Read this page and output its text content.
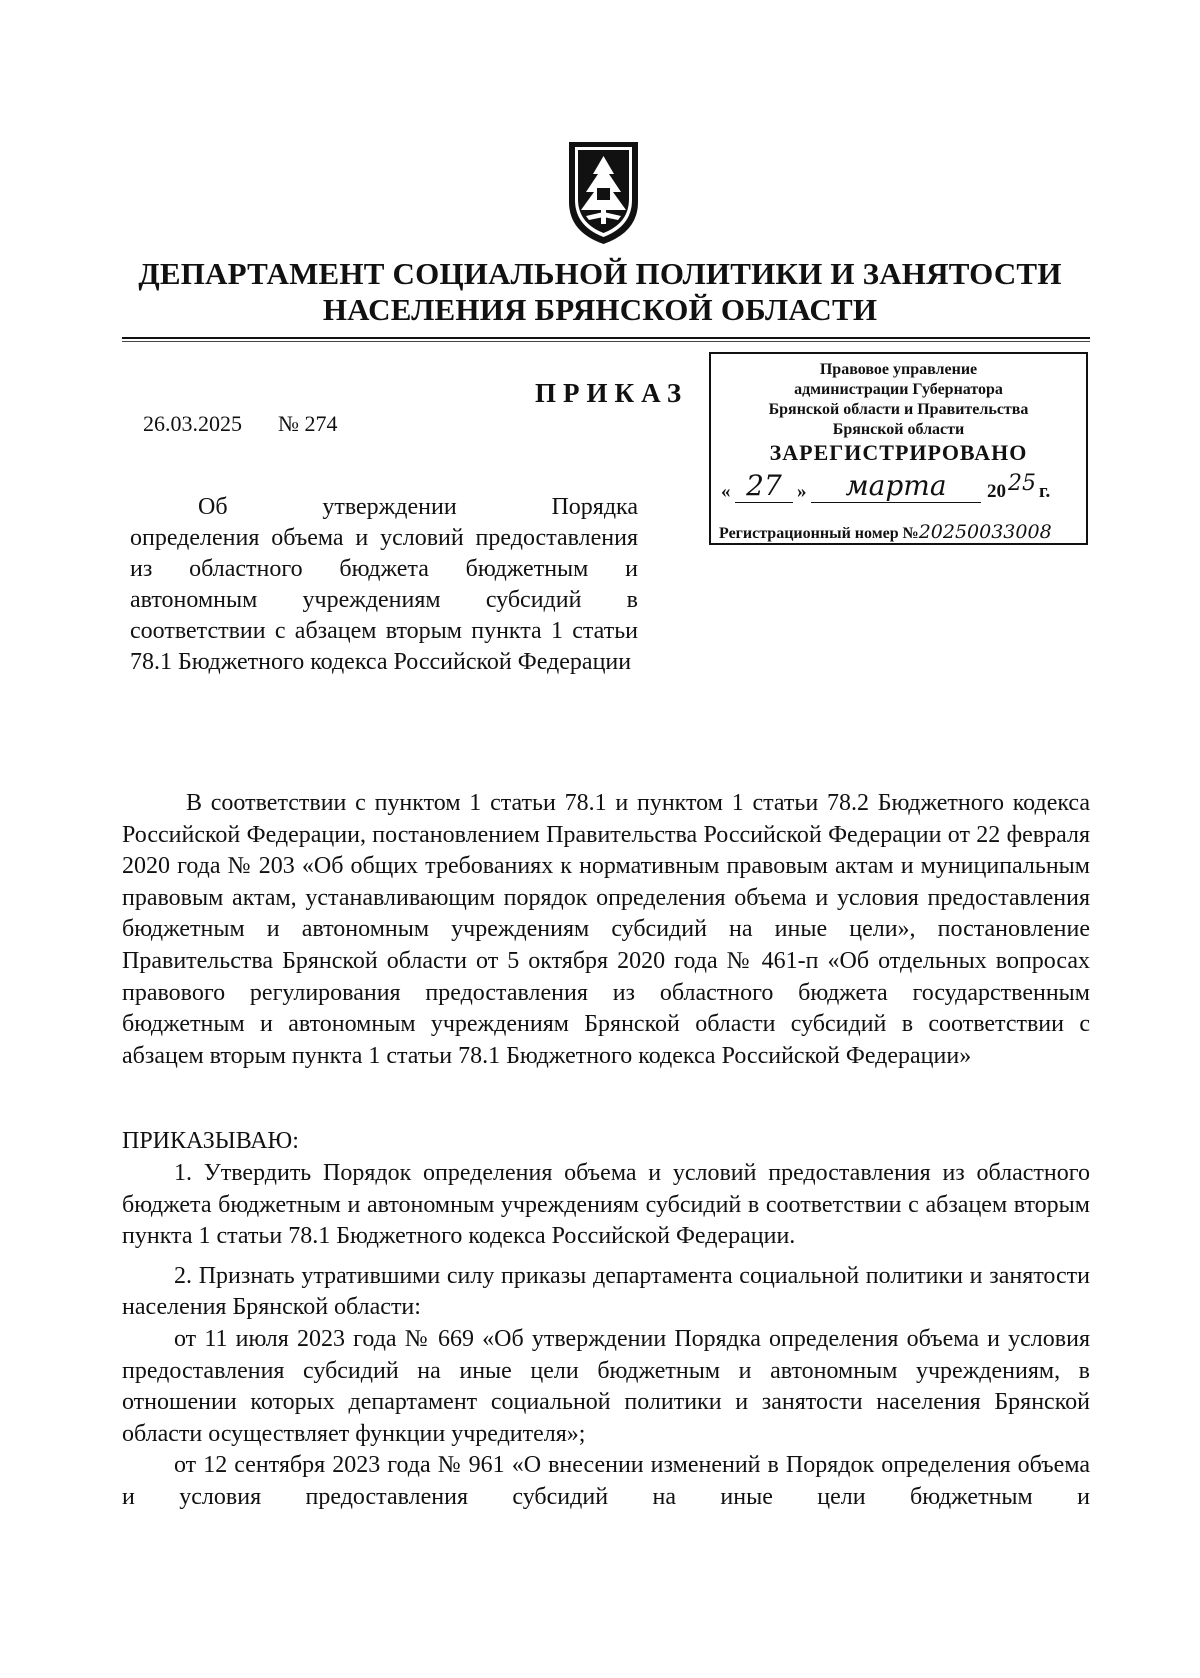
ДЕПАРТАМЕНТ СОЦИАЛЬНОЙ ПОЛИТИКИ И ЗАНЯТОСТИ
НАСЕЛЕНИЯ БРЯНСКОЙ ОБЛАСТИ
ПРИКАЗ
26.03.2025 № 274
Правовое управление
администрации Губернатора
Брянской области и Правительства
Брянской области
ЗАРЕГИСТРИРОВАНО
« 27 »	марта	20 25 г.
Регистрационный номер №20250033008
Об утверждении Порядка
определения объема и условий предоставления из областного бюджета бюджетным и автономным учреждениям субсидий в соответствии с абзацем вторым пункта 1 статьи 78.1 Бюджетного кодекса Российской Федерации

В соответствии с пунктом 1 статьи 78.1 и пунктом 1 статьи 78.2 Бюджетного кодекса Российской Федерации, постановлением Правительства Российской Федерации от 22 февраля 2020 года № 203 «Об общих требованиях к нормативным правовым актам и муниципальным правовым актам, устанавливающим порядок определения объема и условия предоставления бюджетным и автономным учреждениям субсидий на иные цели», постановление Правительства Брянской области от 5 октября 2020 года № 461-п «Об отдельных вопросах правового регулирования предоставления из областного бюджета государственным бюджетным и автономным учреждениям Брянской области субсидий в соответствии с абзацем вторым пункта 1 статьи 78.1 Бюджетного кодекса Российской Федерации»

ПРИКАЗЫВАЮ:

1. Утвердить Порядок определения объема и условий предоставления из областного бюджета бюджетным и автономным учреждениям субсидий в соответствии с абзацем вторым пункта 1 статьи 78.1 Бюджетного кодекса Российской Федерации.

2. Признать утратившими силу приказы департамента социальной политики и занятости населения Брянской области:

от 11 июля 2023 года № 669 «Об утверждении Порядка определения объема и условия предоставления субсидий на иные цели бюджетным и автономным учреждениям, в отношении которых департамент социальной политики и занятости населения Брянской области осуществляет функции учредителя»;

от 12 сентября 2023 года № 961 «О внесении изменений в Порядок определения объема и условия предоставления субсидий на иные цели бюджетным и
